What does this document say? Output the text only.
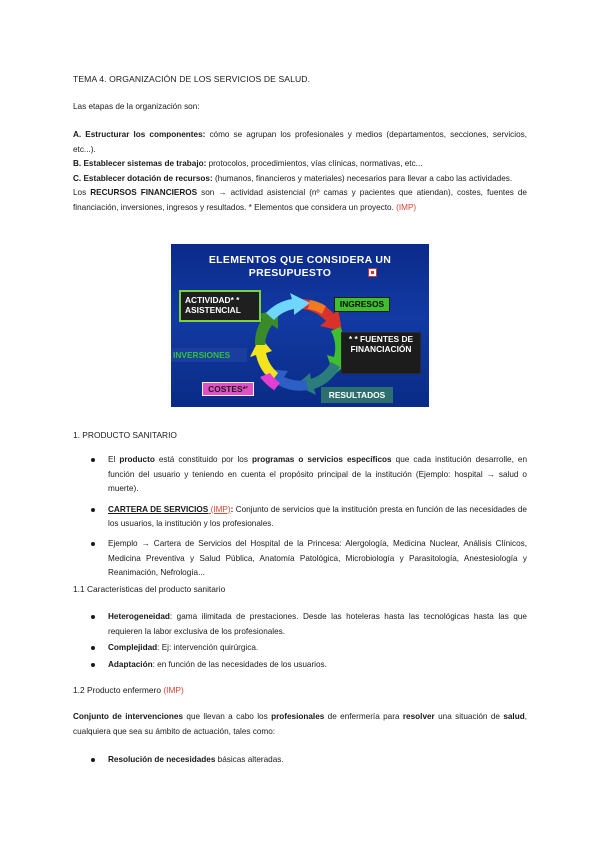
TEMA 4. ORGANIZACIÓN DE LOS SERVICIOS DE SALUD.
Las etapas de la organización son:
A. Estructurar los componentes: cómo se agrupan los profesionales y medios (departamentos, secciones, servicios, etc...).
B. Establecer sistemas de trabajo: protocolos, procedimientos, vías clínicas, normativas, etc...
C. Establecer dotación de recursos: (humanos, financieros y materiales) necesarios para llevar a cabo las actividades.
Los RECURSOS FINANCIEROS son → actividad asistencial (nº camas y pacientes que atiendan), costes, fuentes de financiación, inversiones, ingresos y resultados. * Elementos que considera un proyecto. (IMP)
ELEMENTOS QUE CONSIDERA UN
PRESUPUESTO
ACTIVIDAD* * ASISTENCIAL
INGRESOS
INVERSIONES
* * FUENTES DE FINANCIACIÓN
COSTES*'
RESULTADOS
1. PRODUCTO SANITARIO
El producto está constituido por los programas o servicios específicos que cada institución desarrolle, en función del usuario y teniendo en cuenta el propósito principal de la institución (Ejemplo: hospital → salud o muerte).
CARTERA DE SERVICIOS (IMP): Conjunto de servicios que la institución presta en función de las necesidades de los usuarios, la institución y los profesionales.
Ejemplo → Cartera de Servicios del Hospital de la Princesa: Alergología, Medicina Nuclear, Análisis Clínicos, Medicina Preventiva y Salud Pública, Anatomía Patológica, Microbiología y Parasitología, Anestesiología y Reanimación, Nefrología...
1.1 Características del producto sanitario
Heterogeneidad: gama ilimitada de prestaciones. Desde las hoteleras hasta las tecnológicas hasta las que requieren la labor exclusiva de los profesionales.
Complejidad: Ej: intervención quirúrgica.
Adaptación: en función de las necesidades de los usuarios.
1.2 Producto enfermero (IMP)
Conjunto de intervenciones que llevan a cabo los profesionales de enfermería para resolver una situación de salud, cualquiera que sea su ámbito de actuación, tales como:
Resolución de necesidades básicas alteradas.
